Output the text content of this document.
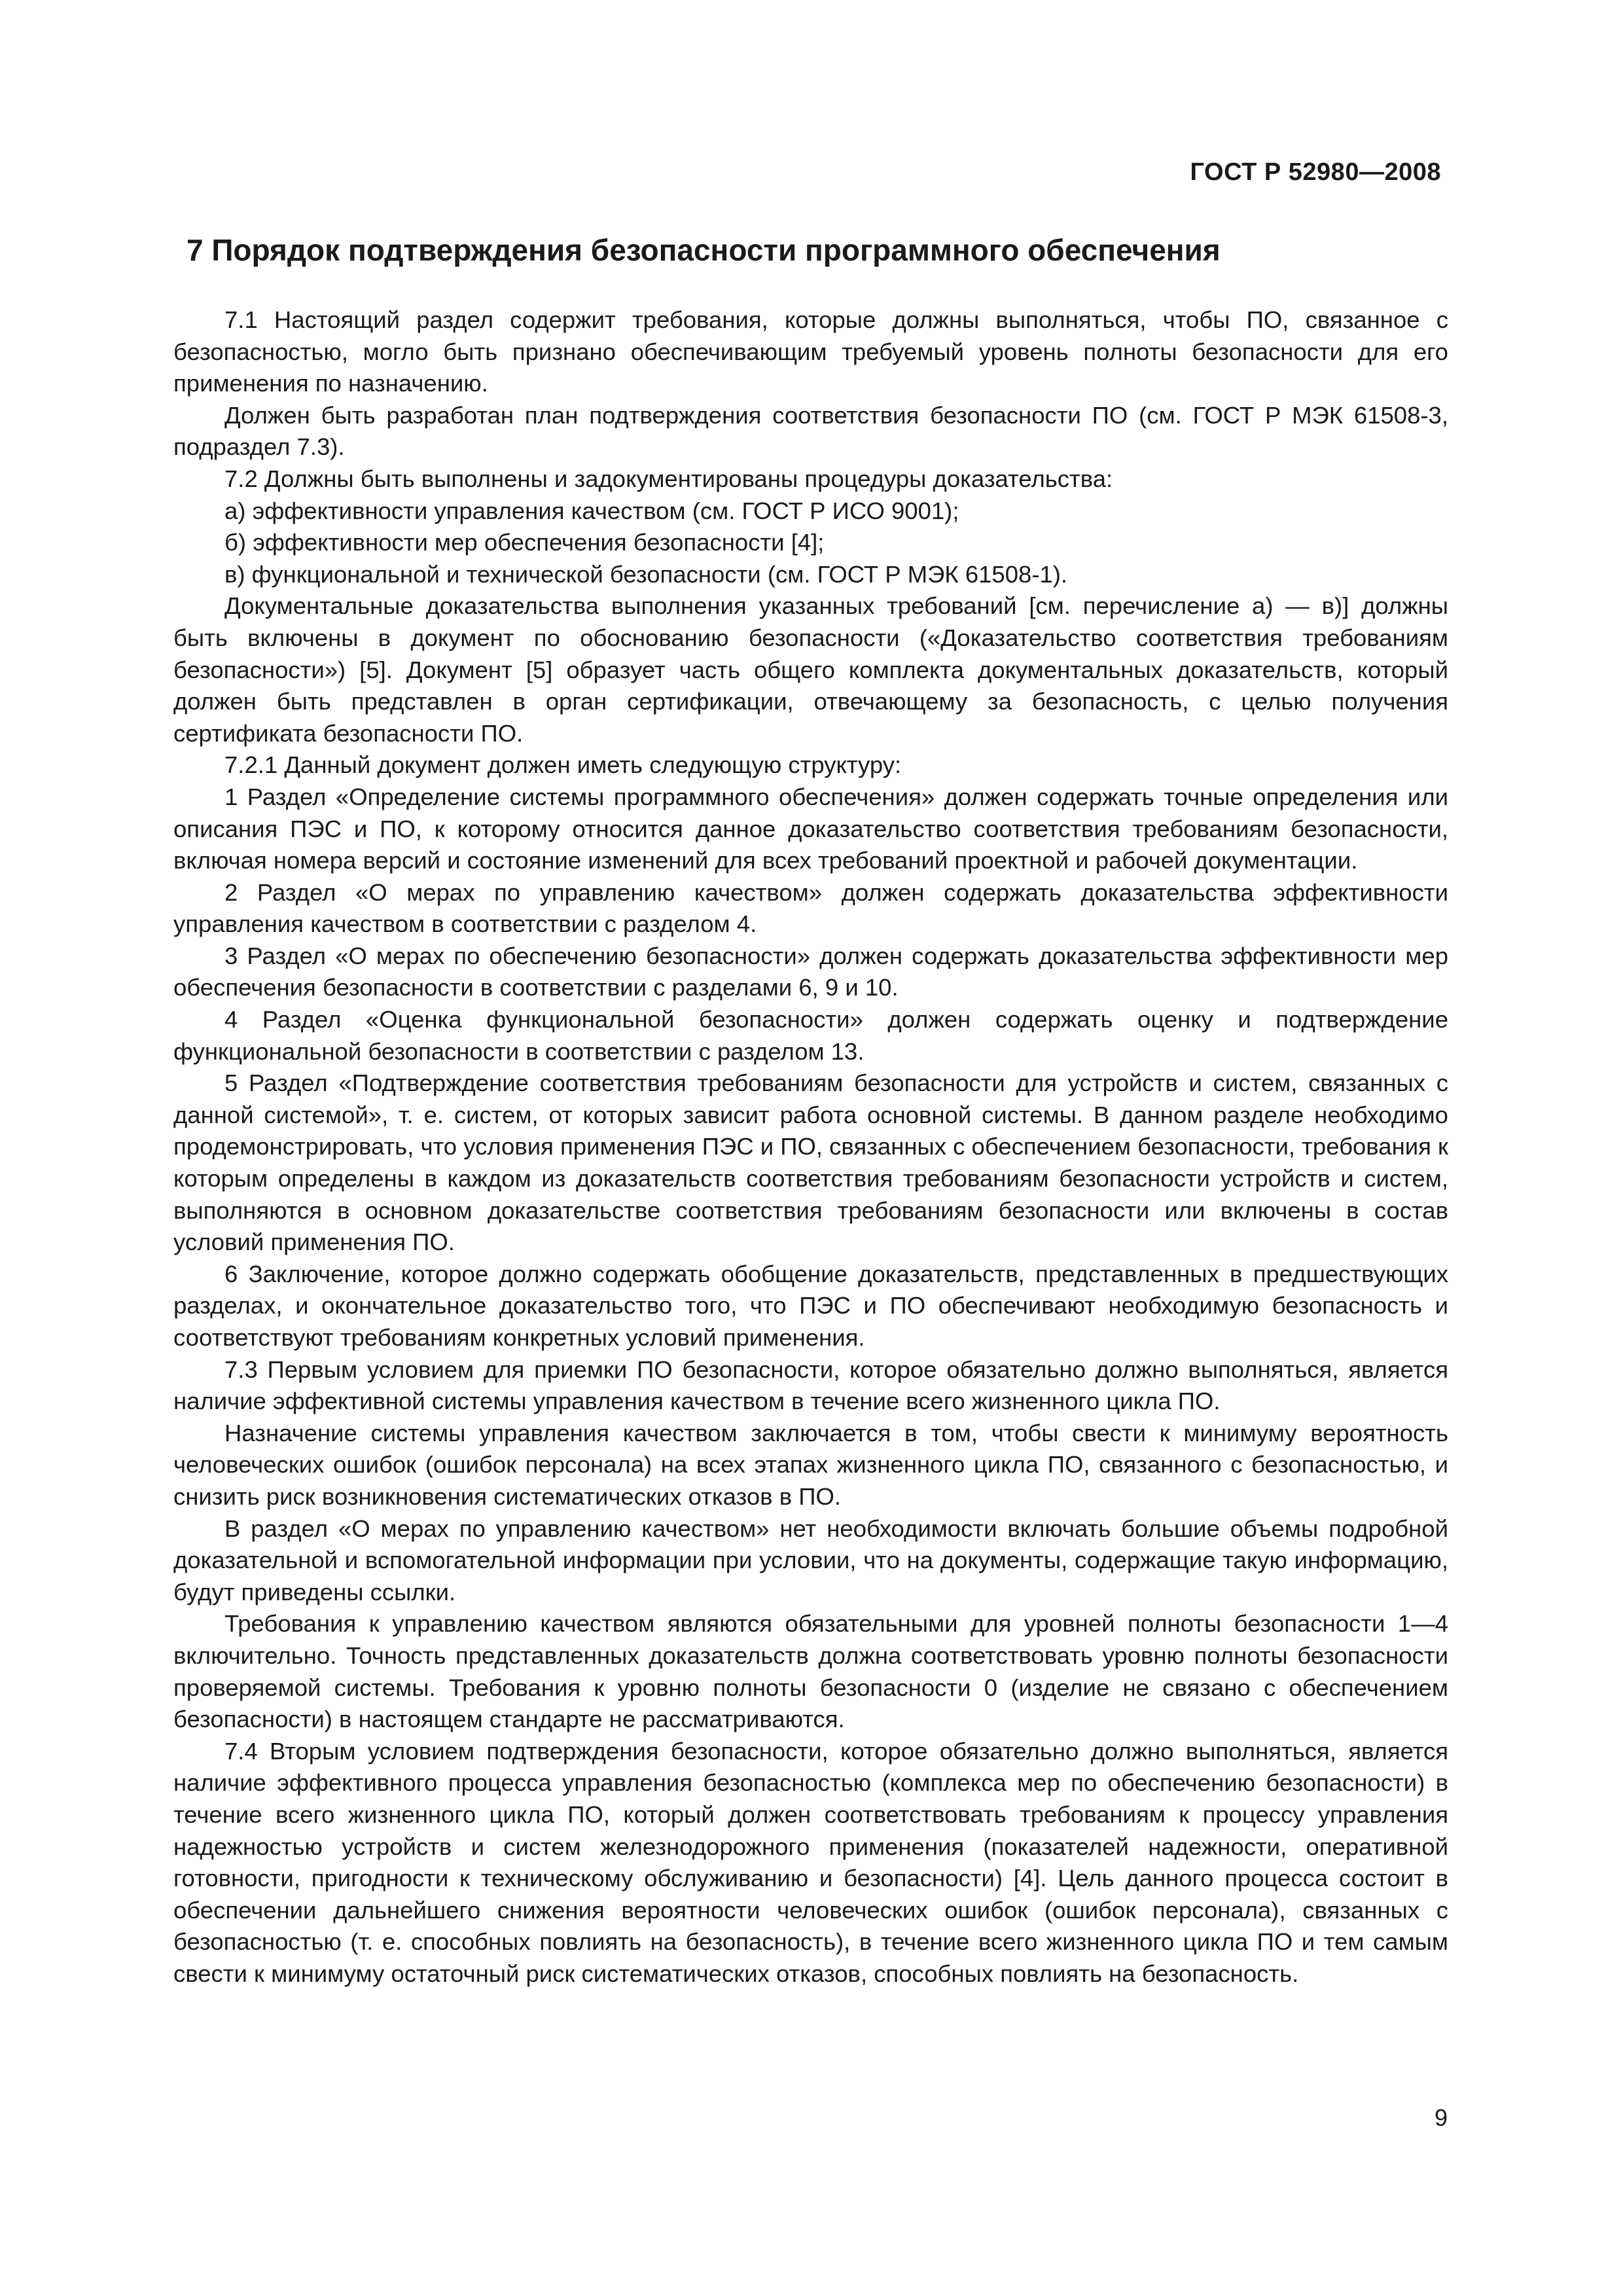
ГОСТ Р 52980—2008
7 Порядок подтверждения безопасности программного обеспечения

7.1 Настоящий раздел содержит требования, которые должны выполняться, чтобы ПО, связанное с безопасностью, могло быть признано обеспечивающим требуемый уровень полноты безопасности для его применения по назначению.

Должен быть разработан план подтверждения соответствия безопасности ПО (см. ГОСТ Р МЭК 61508-3, подраздел 7.3).

7.2 Должны быть выполнены и задокументированы процедуры доказательства:

а) эффективности управления качеством (см. ГОСТ Р ИСО 9001);

б) эффективности мер обеспечения безопасности [4];

в) функциональной и технической безопасности (см. ГОСТ Р МЭК 61508-1).

Документальные доказательства выполнения указанных требований [см. перечисление а) — в)] должны быть включены в документ по обоснованию безопасности («Доказательство соответствия требованиям безопасности») [5]. Документ [5] образует часть общего комплекта документальных доказательств, который должен быть представлен в орган сертификации, отвечающему за безопасность, с целью получения сертификата безопасности ПО.

7.2.1 Данный документ должен иметь следующую структуру:

1 Раздел «Определение системы программного обеспечения» должен содержать точные определения или описания ПЭС и ПО, к которому относится данное доказательство соответствия требованиям безопасности, включая номера версий и состояние изменений для всех требований проектной и рабочей документации.

2 Раздел «О мерах по управлению качеством» должен содержать доказательства эффективности управления качеством в соответствии с разделом 4.

3 Раздел «О мерах по обеспечению безопасности» должен содержать доказательства эффективности мер обеспечения безопасности в соответствии с разделами 6, 9 и 10.

4 Раздел «Оценка функциональной безопасности» должен содержать оценку и подтверждение функциональной безопасности в соответствии с разделом 13.

5 Раздел «Подтверждение соответствия требованиям безопасности для устройств и систем, связанных с данной системой», т. е. систем, от которых зависит работа основной системы. В данном разделе необходимо продемонстрировать, что условия применения ПЭС и ПО, связанных с обеспечением безопасности, требования к которым определены в каждом из доказательств соответствия требованиям безопасности устройств и систем, выполняются в основном доказательстве соответствия требованиям безопасности или включены в состав условий применения ПО.

6 Заключение, которое должно содержать обобщение доказательств, представленных в предшествующих разделах, и окончательное доказательство того, что ПЭС и ПО обеспечивают необходимую безопасность и соответствуют требованиям конкретных условий применения.

7.3 Первым условием для приемки ПО безопасности, которое обязательно должно выполняться, является наличие эффективной системы управления качеством в течение всего жизненного цикла ПО.

Назначение системы управления качеством заключается в том, чтобы свести к минимуму вероятность человеческих ошибок (ошибок персонала) на всех этапах жизненного цикла ПО, связанного с безопасностью, и снизить риск возникновения систематических отказов в ПО.

В раздел «О мерах по управлению качеством» нет необходимости включать большие объемы подробной доказательной и вспомогательной информации при условии, что на документы, содержащие такую информацию, будут приведены ссылки.

Требования к управлению качеством являются обязательными для уровней полноты безопасности 1—4 включительно. Точность представленных доказательств должна соответствовать уровню полноты безопасности проверяемой системы. Требования к уровню полноты безопасности 0 (изделие не связано с обеспечением безопасности) в настоящем стандарте не рассматриваются.

7.4 Вторым условием подтверждения безопасности, которое обязательно должно выполняться, является наличие эффективного процесса управления безопасностью (комплекса мер по обеспечению безопасности) в течение всего жизненного цикла ПО, который должен соответствовать требованиям к процессу управления надежностью устройств и систем железнодорожного применения (показателей надежности, оперативной готовности, пригодности к техническому обслуживанию и безопасности) [4]. Цель данного процесса состоит в обеспечении дальнейшего снижения вероятности человеческих ошибок (ошибок персонала), связанных с безопасностью (т. е. способных повлиять на безопасность), в течение всего жизненного цикла ПО и тем самым свести к минимуму остаточный риск систематических отказов, способных повлиять на безопасность.

9
